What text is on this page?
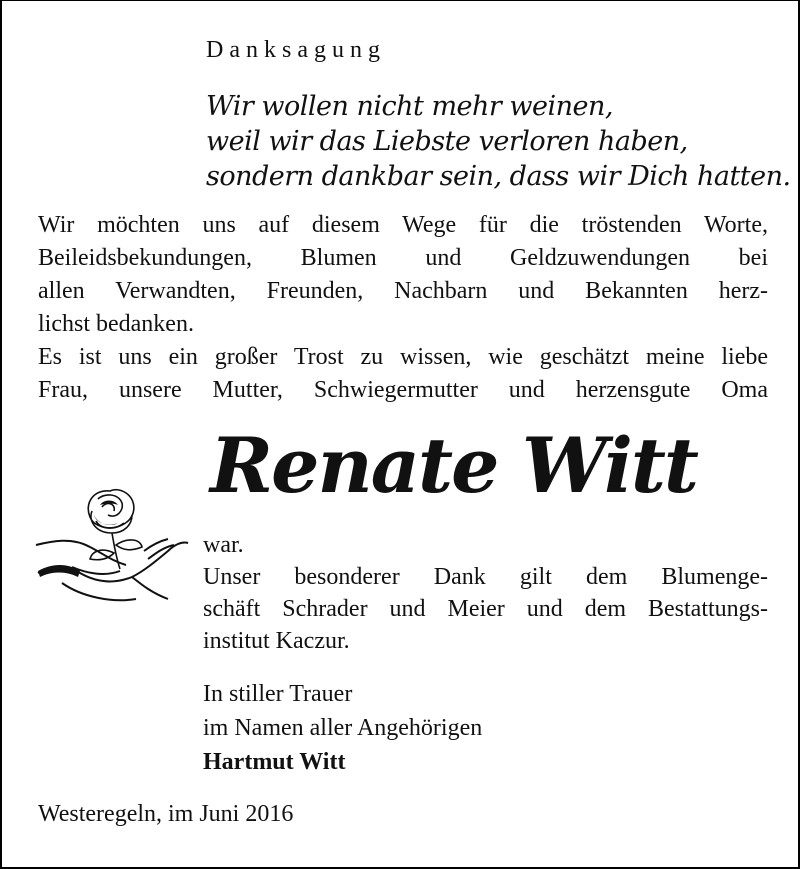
Danksagung
Wir wollen nicht mehr weinen,
weil wir das Liebste verloren haben,
sondern dankbar sein, dass wir Dich hatten.
Wir möchten uns auf diesem Wege für die tröstenden Worte,
Beileidsbekundungen, Blumen und Geldzuwendungen bei
allen Verwandten, Freunden, Nachbarn und Bekannten herz-
lichst bedanken.
Es ist uns ein großer Trost zu wissen, wie geschätzt meine liebe
Frau, unsere Mutter, Schwiegermutter und herzensgute Oma
Renate Witt
war.
Unser besonderer Dank gilt dem Blumenge-
schäft Schrader und Meier und dem Bestattungs-
institut Kaczur.
In stiller Trauer
im Namen aller Angehörigen
Hartmut Witt
Westeregeln, im Juni 2016
